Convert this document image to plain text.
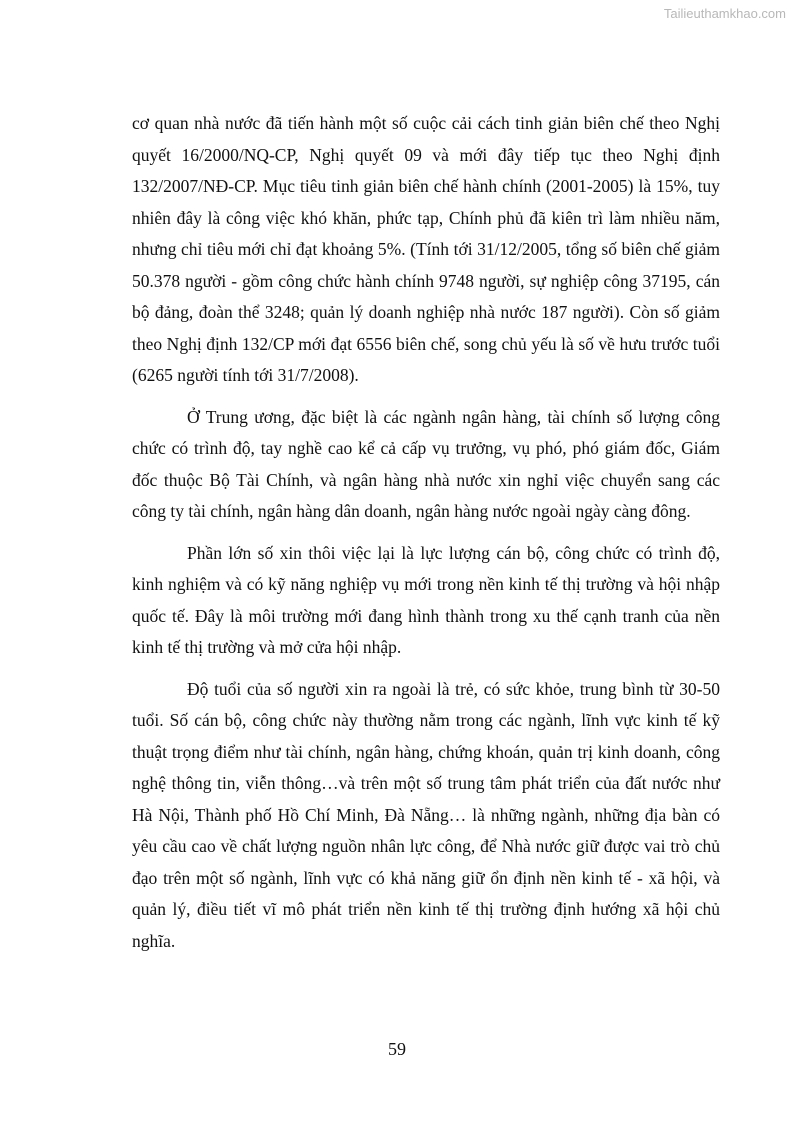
Tailieuthamkhao.com

cơ quan nhà nước đã tiến hành một số cuộc cải cách tinh giản biên chế theo Nghị quyết 16/2000/NQ-CP, Nghị quyết 09 và mới đây tiếp tục theo Nghị định 132/2007/NĐ-CP. Mục tiêu tinh giản biên chế hành chính (2001-2005) là 15%, tuy nhiên đây là công việc khó khăn, phức tạp, Chính phủ đã kiên trì làm nhiều năm, nhưng chỉ tiêu mới chỉ đạt khoảng 5%. (Tính tới 31/12/2005, tổng số biên chế giảm 50.378 người - gồm công chức hành chính 9748 người, sự nghiệp công 37195, cán bộ đảng, đoàn thể 3248; quản lý doanh nghiệp nhà nước 187 người). Còn số giảm theo Nghị định 132/CP mới đạt 6556 biên chế, song chủ yếu là số về hưu trước tuổi (6265 người tính tới 31/7/2008).

Ở Trung ương, đặc biệt là các ngành ngân hàng, tài chính số lượng công chức có trình độ, tay nghề cao kể cả cấp vụ trưởng, vụ phó, phó giám đốc, Giám đốc thuộc Bộ Tài Chính, và ngân hàng nhà nước xin nghỉ việc chuyển sang các công ty tài chính, ngân hàng dân doanh, ngân hàng nước ngoài ngày càng đông.

Phần lớn số xin thôi việc lại là lực lượng cán bộ, công chức có trình độ, kinh nghiệm và có kỹ năng nghiệp vụ mới trong nền kinh tế thị trường và hội nhập quốc tế. Đây là môi trường mới đang hình thành trong xu thế cạnh tranh của nền kinh tế thị trường và mở cửa hội nhập.

Độ tuổi của số người xin ra ngoài là trẻ, có sức khỏe, trung bình từ 30-50 tuổi. Số cán bộ, công chức này thường nằm trong các ngành, lĩnh vực kinh tế kỹ thuật trọng điểm như tài chính, ngân hàng, chứng khoán, quản trị kinh doanh, công nghệ thông tin, viễn thông…và trên một số trung tâm phát triển của đất nước như Hà Nội, Thành phố Hồ Chí Minh, Đà Nẵng… là những ngành, những địa bàn có yêu cầu cao về chất lượng nguồn nhân lực công, để Nhà nước giữ được vai trò chủ đạo trên một số ngành, lĩnh vực có khả năng giữ ổn định nền kinh tế - xã hội, và quản lý, điều tiết vĩ mô phát triển nền kinh tế thị trường định hướng xã hội chủ nghĩa.

59
